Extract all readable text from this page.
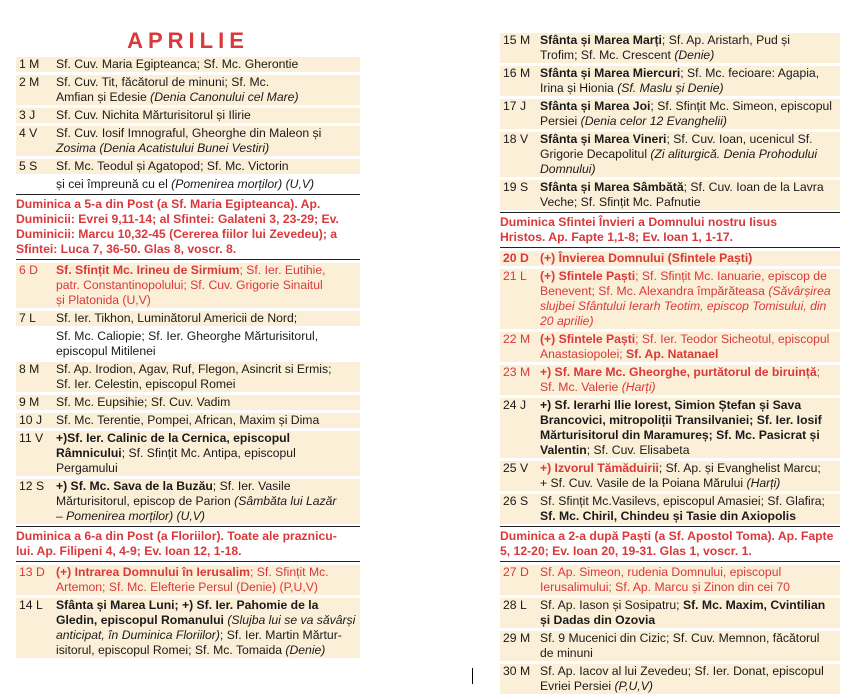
APRILIE
1 M	Sf. Cuv. Maria Egipteanca; Sf. Mc. Gherontie
2 M	Sf. Cuv. Tit, făcătorul de minuni; Sf. Mc.
Amfian și Edesie (Denia Canonului cel Mare)
3 J	Sf. Cuv. Nichita Mărturisitorul și Ilirie
4 V	Sf. Cuv. Iosif Imnograful, Gheorghe din Maleon și
Zosima (Denia Acatistului Bunei Vestiri)
5 S	Sf. Mc. Teodul și Agatopod; Sf. Mc. Victorin
și cei împreună cu el (Pomenirea morților) (U,V)
Duminica a 5-a din Post (a Sf. Maria Egipteanca). Ap.
Duminicii: Evrei 9,11-14; al Sfintei: Galateni 3, 23-29; Ev.
Duminicii: Marcu 10,32-45 (Cererea fiilor lui Zevedeu); a
Sfintei: Luca 7, 36-50. Glas 8, voscr. 8.
6 D	Sf. Sfințit Mc. Irineu de Sirmium; Sf. Ier. Eutihie,
patr. Constantinopolului; Sf. Cuv. Grigorie Sinaitul
și Platonida (U,V)
7 L	Sf. Ier. Tikhon, Luminătorul Americii de Nord;
Sf. Mc. Caliopie; Sf. Ier. Gheorghe Mărturisitorul,
episcopul Mitilenei
8 M	Sf. Ap. Irodion, Agav, Ruf, Flegon, Asincrit si Ermis;
Sf. Ier. Celestin, episcopul Romei
9 M	Sf. Mc. Eupsihie; Sf. Cuv. Vadim
10 J	Sf. Mc. Terentie, Pompei, African, Maxim și Dima
11 V	+)Sf. Ier. Calinic de la Cernica, episcopul
Râmnicului; Sf. Sfințit Mc. Antipa, episcopul
Pergamului
12 S +) Sf. Mc. Sava de la Buzău; Sf. Ier. Vasile
Mărturisitorul, episcop de Parion (Sâmbăta lui Lazăr
– Pomenirea morților) (U,V)
Duminica a 6-a din Post (a Floriilor). Toate ale praznicu-
lui. Ap. Filipeni 4, 4-9; Ev. Ioan 12, 1-18.
13 D (+) Intrarea Domnului în Ierusalim; Sf. Sfințit Mc.
Artemon; Sf. Mc. Elefterie Persul (Denie) (P,U,V)
14 L	Sfânta și Marea Luni; +) Sf. Ier. Pahomie de la
Gledin, episcopul Romanului (Slujba lui se va săvârși
anticipat, în Duminica Floriilor); Sf. Ier. Martin Mărtur-
isitorul, episcopul Romei; Sf. Mc. Tomaida (Denie)
15 M Sfânta și Marea Marți; Sf. Ap. Aristarh, Pud și
Trofim; Sf. Mc. Crescent (Denie)
16 M Sfânta și Marea Miercuri; Sf. Mc. fecioare: Agapia,
Irina și Hionia (Sf. Maslu și Denie)
17 J	Sfânta și Marea Joi; Sf. Sfințit Mc. Simeon, episcopul
Persiei (Denia celor 12 Evanghelii)
18 V Sfânta și Marea Vineri; Sf. Cuv. Ioan, ucenicul Sf.
Grigorie Decapolitul (Zi aliturgică. Denia Prohodului
Domnului)
19 S Sfânta și Marea Sâmbătă; Sf. Cuv. Ioan de la Lavra
Veche; Sf. Sfințit Mc. Pafnutie
Duminica Sfintei Învieri a Domnului nostru Iisus
Hristos. Ap. Fapte 1,1-8; Ev. Ioan 1, 1-17.
20 D (+) Învierea Domnului (Sfintele Paști)
21 L	(+) Sfintele Paști; Sf. Sfințit Mc. Ianuarie, episcop de
Benevent; Sf. Mc. Alexandra împărăteasa (Săvârșirea
slujbei Sfântului Ierarh Teotim, episcop Tomisului, din
20 aprilie)
22 M (+) Sfintele Paști; Sf. Ier. Teodor Sicheotul, episcopul
Anastasiopolei; Sf. Ap. Natanael
23 M +) Sf. Mare Mc. Gheorghe, purtătorul de biruință;
Sf. Mc. Valerie (Harți)
24 J	+) Sf. Ierarhi Ilie Iorest, Simion Ștefan și Sava
Brancovici, mitropoliții Transilvaniei; Sf. Ier. Iosif
Mărturisitorul din Maramureș; Sf. Mc. Pasicrat și
Valentin; Sf. Cuv. Elisabeta
25 V +) Izvorul Tămăduirii; Sf. Ap. și Evanghelist Marcu;
+ Sf. Cuv. Vasile de la Poiana Mărului (Harți)
26 S Sf. Sfințit Mc.Vasilevs, episcopul Amasiei; Sf. Glafira;
Sf. Mc. Chiril, Chindeu și Tasie din Axiopolis
Duminica a 2-a după Paști (a Sf. Apostol Toma). Ap. Fapte
5, 12-20; Ev. Ioan 20, 19-31. Glas 1, voscr. 1.
27 D Sf. Ap. Simeon, rudenia Domnului, episcopul
Ierusalimului; Sf. Ap. Marcu și Zinon din cei 70
28 L	Sf. Ap. Iason și Sosipatru; Sf. Mc. Maxim, Cvintilian
și Dadas din Ozovia
29 M Sf. 9 Mucenici din Cizic; Sf. Cuv. Memnon, făcătorul
de minuni
30 M Sf. Ap. Iacov al lui Zevedeu; Sf. Ier. Donat, episcopul
Evriei Persiei (P,U,V)
